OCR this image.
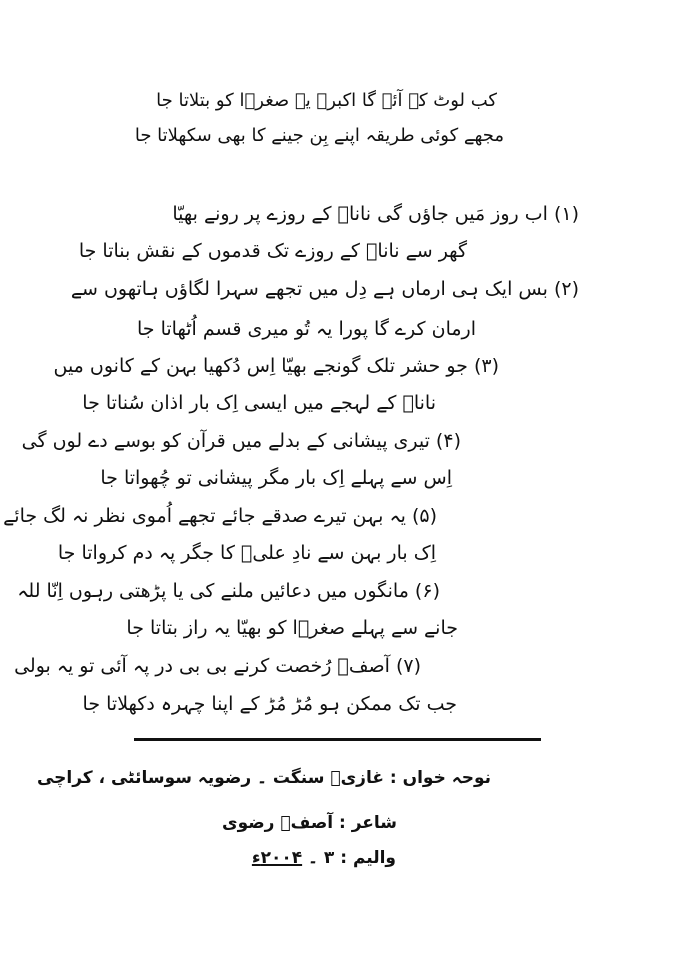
کب لوٹ کے آئے گا اکبرؑ یہ صغرؑا کو بتلاتا جا
مجھے کوئی طریقہ اپنے بِن جینے کا بھی سکھلاتا جا
(۱) اب روز مَیں جاؤں گی ناناؐ کے روزے پر رونے بھیّا
گھر سے ناناؐ کے روزے تک قدموں کے نقش بناتا جا
(۲) بس ایک ہی ارماں ہے دِل میں تجھے سہرا لگاؤں ہاتھوں سے
ارمان کرے گا پورا یہ تُو میری قسم اُٹھاتا جا
(۳) جو حشر تلک گونجے بھیّا اِس دُکھیا بہن کے کانوں میں
ناناؐ کے لہجے میں ایسی اِک بار اذان سُناتا جا
(۴) تیری پیشانی کے بدلے میں قرآن کو بوسے دے لوں گی
اِس سے پہلے اِک بار مگر پیشانی تو چُھواتا جا
(۵) یہ بہن تیرے صدقے جائے تجھے اُموی نظر نہ لگ جائے
اِک بار بہن سے نادِ علیؑ کا جگر پہ دم کرواتا جا
(۶) مانگوں میں دعائیں ملنے کی یا پڑھتی رہوں اِنّا للہ
جانے سے پہلے صغرؑا کو بھیّا یہ راز بتاتا جا
(۷) آصفؔ رُخصت کرنے بی بی در پہ آئی تو یہ بولی
جب تک ممکن ہو مُڑ مُڑ کے اپنا چہرہ دکھلاتا جا
نوحہ خواں : غازیؑ سنگت ۔ رضویہ سوسائٹی ، کراچی
شاعر : آصفؔ رضوی
والیم : ۳ ۔ ۲۰۰۴ء
